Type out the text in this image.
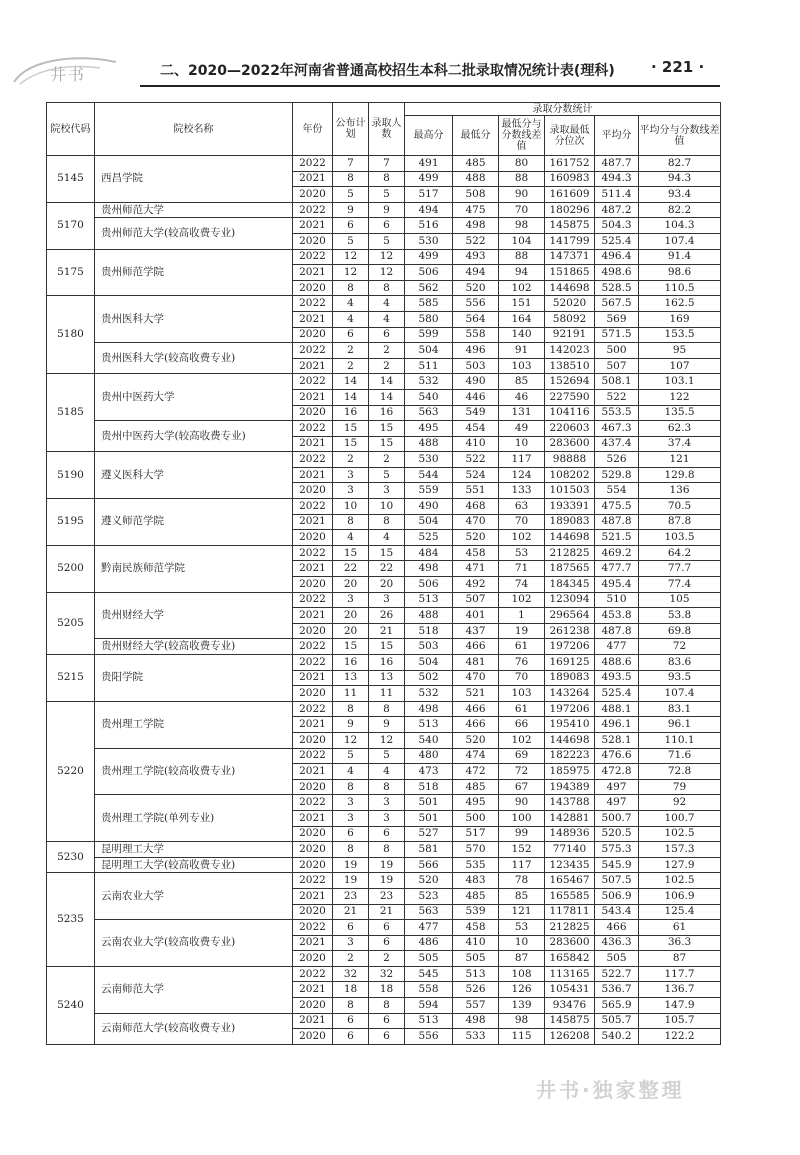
井书	二、2020—2022年河南省普通高校招生本科二批录取情况统计表(理科) · 221 ·
院校代码	院校名称	年份	公布计划	录取人数	录取分数统计					
					最高分	最低分	最低分与分数线差值	录取最低分位次	平均分	平均分与分数线差值
5145	西昌学院	2022	7	7	491	485	80	161752	487.7	82.7
		2021	8	8	499	488	88	160983	494.3	94.3
		2020	5	5	517	508	90	161609	511.4	93.4
5170	贵州师范大学	2022	9	9	494	475	70	180296	487.2	82.2
	贵州师范大学(较高收费专业)	2021	6	6	516	498	98	145875	504.3	104.3
		2020	5	5	530	522	104	141799	525.4	107.4
5175	贵州师范学院	2022	12	12	499	493	88	147371	496.4	91.4
		2021	12	12	506	494	94	151865	498.6	98.6
		2020	8	8	562	520	102	144698	528.5	110.5
5180	贵州医科大学	2022	4	4	585	556	151	52020	567.5	162.5
		2021	4	4	580	564	164	58092	569	169
		2020	6	6	599	558	140	92191	571.5	153.5
	贵州医科大学(较高收费专业)	2022	2	2	504	496	91	142023	500	95
		2021	2	2	511	503	103	138510	507	107
5185	贵州中医药大学	2022	14	14	532	490	85	152694	508.1	103.1
		2021	14	14	540	446	46	227590	522	122
		2020	16	16	563	549	131	104116	553.5	135.5
	贵州中医药大学(较高收费专业)	2022	15	15	495	454	49	220603	467.3	62.3
		2021	15	15	488	410	10	283600	437.4	37.4
5190	遵义医科大学	2022	2	2	530	522	117	98888	526	121
		2021	3	5	544	524	124	108202	529.8	129.8
		2020	3	3	559	551	133	101503	554	136
5195	遵义师范学院	2022	10	10	490	468	63	193391	475.5	70.5
		2021	8	8	504	470	70	189083	487.8	87.8
		2020	4	4	525	520	102	144698	521.5	103.5
5200	黔南民族师范学院	2022	15	15	484	458	53	212825	469.2	64.2
		2021	22	22	498	471	71	187565	477.7	77.7
		2020	20	20	506	492	74	184345	495.4	77.4
5205	贵州财经大学	2022	3	3	513	507	102	123094	510	105
		2021	20	26	488	401	1	296564	453.8	53.8
		2020	20	21	518	437	19	261238	487.8	69.8
	贵州财经大学(较高收费专业)	2022	15	15	503	466	61	197206	477	72
5215	贵阳学院	2022	16	16	504	481	76	169125	488.6	83.6
		2021	13	13	502	470	70	189083	493.5	93.5
		2020	11	11	532	521	103	143264	525.4	107.4
5220	贵州理工学院	2022	8	8	498	466	61	197206	488.1	83.1
		2021	9	9	513	466	66	195410	496.1	96.1
		2020	12	12	540	520	102	144698	528.1	110.1
	贵州理工学院(较高收费专业)	2022	5	5	480	474	69	182223	476.6	71.6
		2021	4	4	473	472	72	185975	472.8	72.8
		2020	8	8	518	485	67	194389	497	79
	贵州理工学院(单列专业)	2022	3	3	501	495	90	143788	497	92
		2021	3	3	501	500	100	142881	500.7	100.7
		2020	6	6	527	517	99	148936	520.5	102.5
5230	昆明理工大学	2020	8	8	581	570	152	77140	575.3	157.3
	昆明理工大学(较高收费专业)	2020	19	19	566	535	117	123435	545.9	127.9
5235	云南农业大学	2022	19	19	520	483	78	165467	507.5	102.5
		2021	23	23	523	485	85	165585	506.9	106.9
		2020	21	21	563	539	121	117811	543.4	125.4
	云南农业大学(较高收费专业)	2022	6	6	477	458	53	212825	466	61
		2021	3	6	486	410	10	283600	436.3	36.3
		2020	2	2	505	505	87	165842	505	87
5240	云南师范大学	2022	32	32	545	513	108	113165	522.7	117.7
		2021	18	18	558	526	126	105431	536.7	136.7
		2020	8	8	594	557	139	93476	565.9	147.9
	云南师范大学(较高收费专业)	2021	6	6	513	498	98	145875	505.7	105.7
		2020	6	6	556	533	115	126208	540.2	122.2
井书·独家整理
